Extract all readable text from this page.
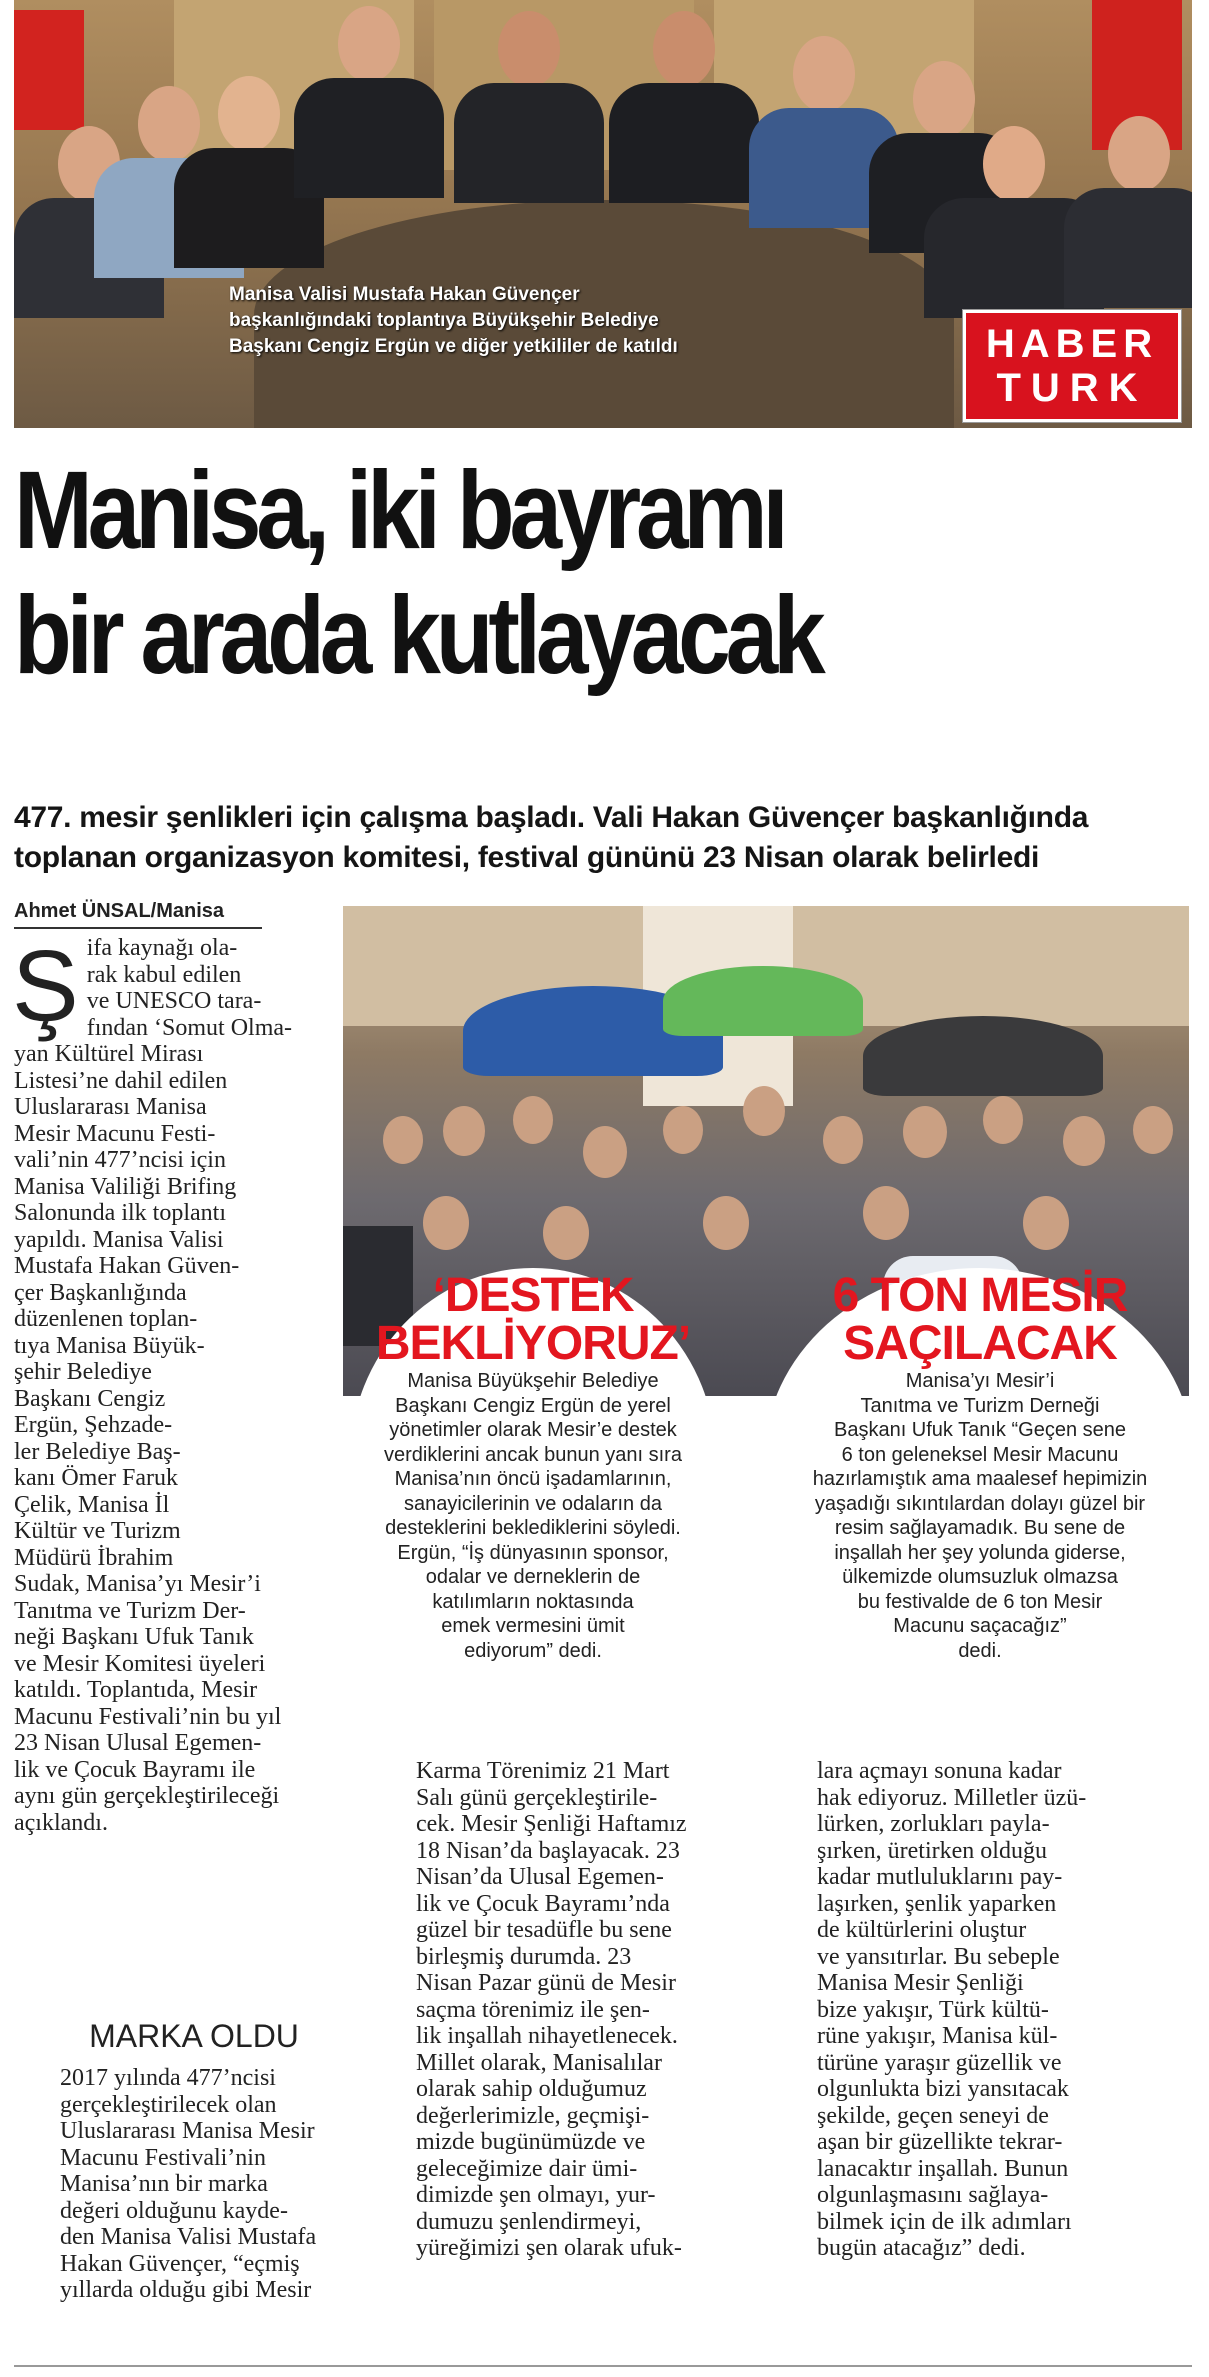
Manisa Valisi Mustafa Hakan Güvençer
başkanlığındaki toplantıya Büyükşehir Belediye
Başkanı Cengiz Ergün ve diğer yetkililer de katıldı	HABER
TURK
Manisa, iki bayramı
bir arada kutlayacak
477. mesir şenlikleri için çalışma başladı. Vali Hakan Güvençer başkanlığında
toplanan organizasyon komitesi, festival gününü 23 Nisan olarak belirledi
Ahmet ÜNSAL/Manisa
Ş ifa kaynağı ola-
rak kabul edilen
ve UNESCO tara-
fından ‘Somut Olma-
yan Kültürel Mirası
Listesi’ne dahil edilen
Uluslararası Manisa
Mesir Macunu Festi-
vali’nin 477’ncisi için
Manisa Valiliği Brifing
Salonunda ilk toplantı
yapıldı. Manisa Valisi
Mustafa Hakan Güven-
çer Başkanlığında
düzenlenen toplan-
tıya Manisa Büyük-
şehir Belediye
Başkanı Cengiz
Ergün, Şehzade-
ler Belediye Baş-
kanı Ömer Faruk
Çelik, Manisa İl
Kültür ve Turizm
Müdürü İbrahim
Sudak, Manisa’yı Mesir’i
Tanıtma ve Turizm Der-
neği Başkanı Ufuk Tanık
ve Mesir Komitesi üyeleri
katıldı. Toplantıda, Mesir
Macunu Festivali’nin bu yıl
23 Nisan Ulusal Egemen-
lik ve Çocuk Bayramı ile
aynı gün gerçekleştirileceği
açıklandı.
MARKA OLDU
2017 yılında 477’ncisi
gerçekleştirilecek olan
Uluslararası Manisa Mesir
Macunu Festivali’nin
Manisa’nın bir marka
değeri olduğunu kayde-
den Manisa Valisi Mustafa
Hakan Güvençer, “eçmiş
yıllarda olduğu gibi Mesir
‘DESTEK
BEKLİYORUZ’
Manisa Büyükşehir Belediye
Başkanı Cengiz Ergün de yerel
yönetimler olarak Mesir’e destek
verdiklerini ancak bunun yanı sıra
Manisa’nın öncü işadamlarının,
sanayicilerinin ve odaların da
desteklerini beklediklerini söyledi.
Ergün, “İş dünyasının sponsor,
odalar ve derneklerin de
katılımların noktasında
emek vermesini ümit
ediyorum” dedi.
6 TON MESİR
SAÇILACAK
Manisa’yı Mesir’i
Tanıtma ve Turizm Derneği
Başkanı Ufuk Tanık “Geçen sene
6 ton geleneksel Mesir Macunu
hazırlamıştık ama maalesef hepimizin
yaşadığı sıkıntılardan dolayı güzel bir
resim sağlayamadık. Bu sene de
inşallah her şey yolunda giderse,
ülkemizde olumsuzluk olmazsa
bu festivalde de 6 ton Mesir
Macunu saçacağız”
dedi.
Karma Törenimiz 21 Mart
Salı günü gerçekleştirile-
cek. Mesir Şenliği Haftamız
18 Nisan’da başlayacak. 23
Nisan’da Ulusal Egemen-
lik ve Çocuk Bayramı’nda
güzel bir tesadüfle bu sene
birleşmiş durumda. 23
Nisan Pazar günü de Mesir
saçma törenimiz ile şen-
lik inşallah nihayetlenecek.
Millet olarak, Manisalılar
olarak sahip olduğumuz
değerlerimizle, geçmişi-
mizde bugünümüzde ve
geleceğimize dair ümi-
dimizde şen olmayı, yur-
dumuzu şenlendirmeyi,
yüreğimizi şen olarak ufuk-
lara açmayı sonuna kadar
hak ediyoruz. Milletler üzü-
lürken, zorlukları payla-
şırken, üretirken olduğu
kadar mutluluklarını pay-
laşırken, şenlik yaparken
de kültürlerini oluştur
ve yansıtırlar. Bu sebeple
Manisa Mesir Şenliği
bize yakışır, Türk kültü-
rüne yakışır, Manisa kül-
türüne yaraşır güzellik ve
olgunlukta bizi yansıtacak
şekilde, geçen seneyi de
aşan bir güzellikte tekrar-
lanacaktır inşallah. Bunun
olgunlaşmasını sağlaya-
bilmek için de ilk adımları
bugün atacağız” dedi.
